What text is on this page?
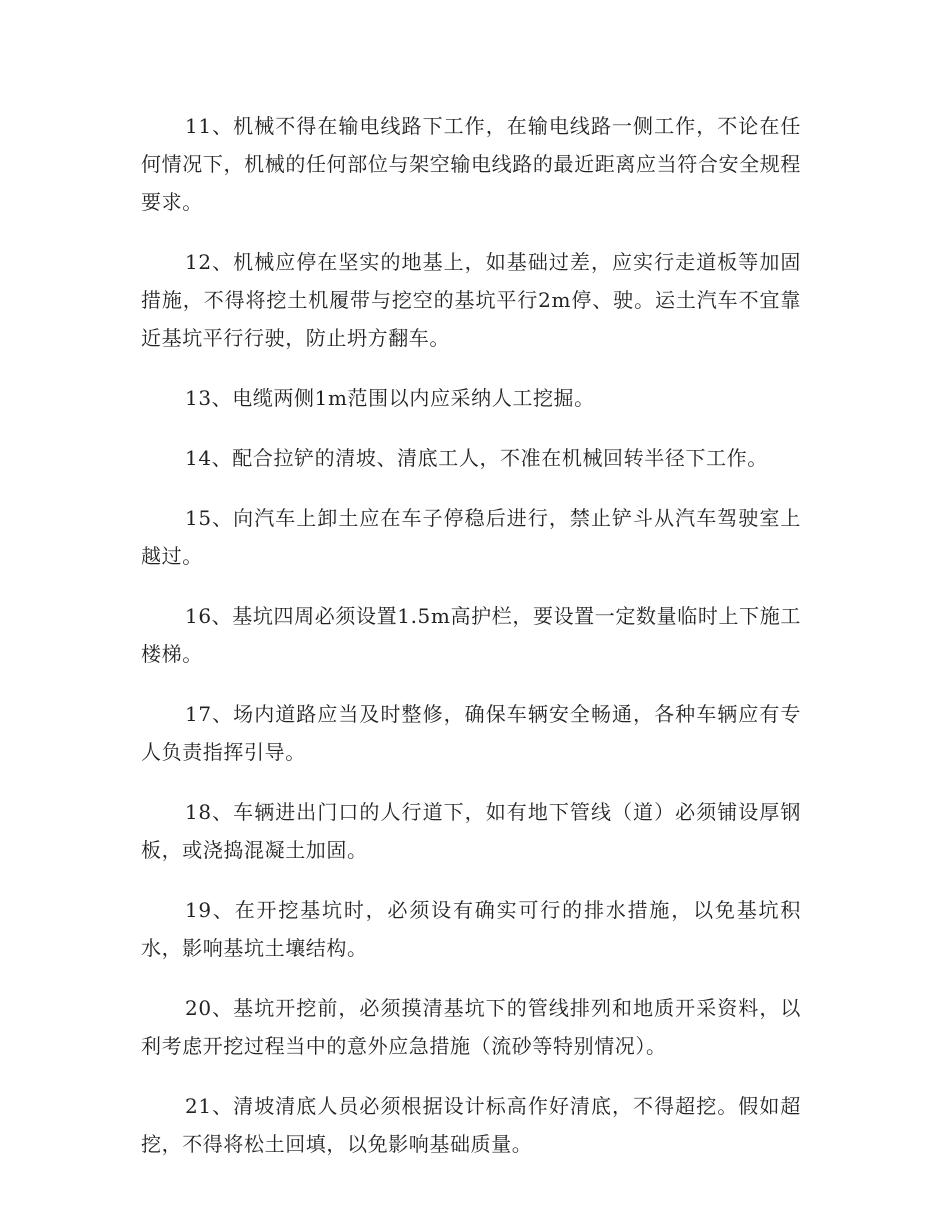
11、机械不得在输电线路下工作，在输电线路一侧工作，不论在任何情况下，机械的任何部位与架空输电线路的最近距离应当符合安全规程要求。

12、机械应停在坚实的地基上，如基础过差，应实行走道板等加固措施，不得将挖土机履带与挖空的基坑平行2m停、驶。运土汽车不宜靠近基坑平行行驶，防止坍方翻车。

13、电缆两侧1m范围以内应采纳人工挖掘。

14、配合拉铲的清坡、清底工人，不准在机械回转半径下工作。

15、向汽车上卸土应在车子停稳后进行，禁止铲斗从汽车驾驶室上越过。

16、基坑四周必须设置1.5m高护栏，要设置一定数量临时上下施工楼梯。

17、场内道路应当及时整修，确保车辆安全畅通，各种车辆应有专人负责指挥引导。

18、车辆进出门口的人行道下，如有地下管线（道）必须铺设厚钢板，或浇捣混凝土加固。

19、在开挖基坑时，必须设有确实可行的排水措施，以免基坑积水，影响基坑土壤结构。

20、基坑开挖前，必须摸清基坑下的管线排列和地质开采资料，以利考虑开挖过程当中的意外应急措施（流砂等特别情况）。

21、清坡清底人员必须根据设计标高作好清底，不得超挖。假如超挖，不得将松土回填，以免影响基础质量。
